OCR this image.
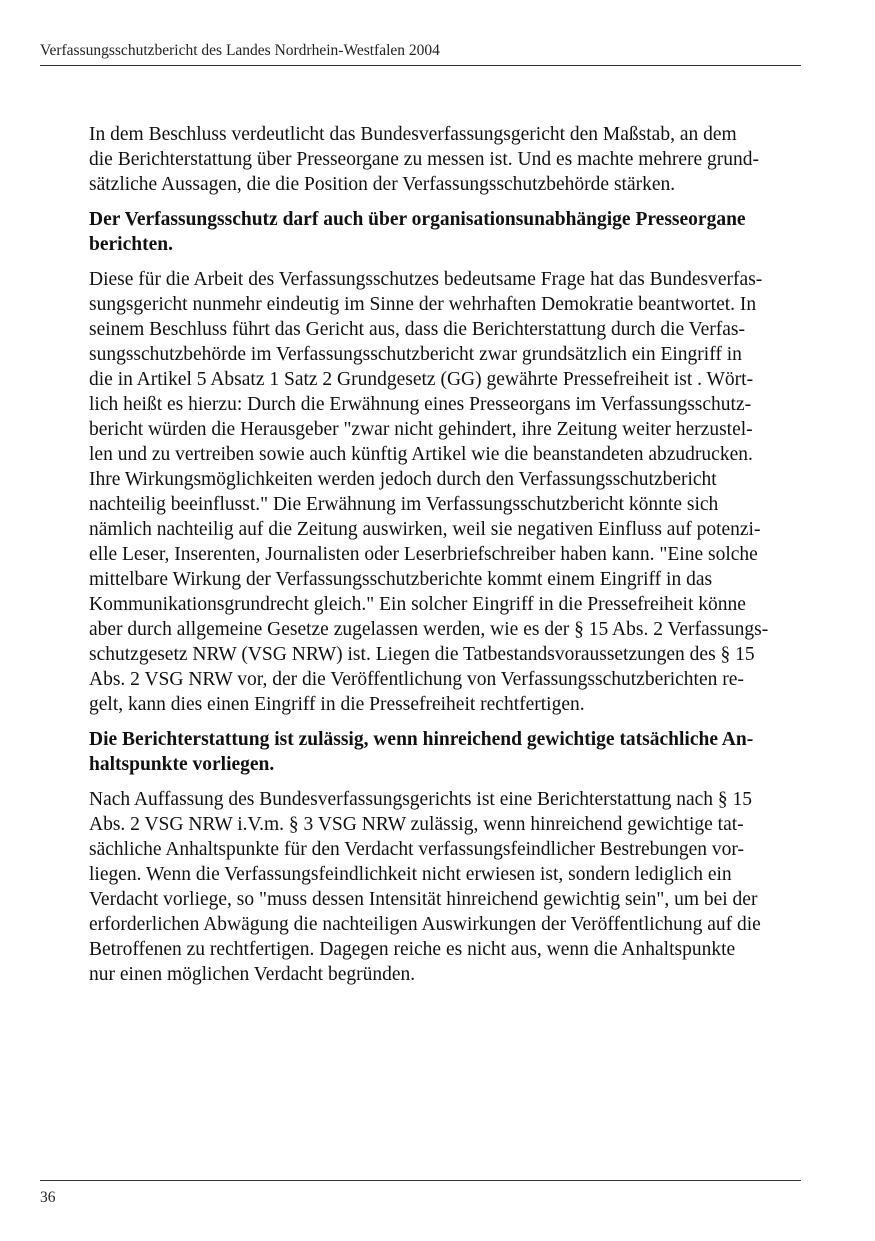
Verfassungsschutzbericht des Landes Nordrhein-Westfalen 2004

In dem Beschluss verdeutlicht das Bundesverfassungsgericht den Maßstab, an dem
die Berichterstattung über Presseorgane zu messen ist. Und es machte mehrere grund-
sätzliche Aussagen, die die Position der Verfassungsschutzbehörde stärken.

Der Verfassungsschutz darf auch über organisationsunabhängige Presseorgane
berichten.

Diese für die Arbeit des Verfassungsschutzes bedeutsame Frage hat das Bundesverfas-
sungsgericht nunmehr eindeutig im Sinne der wehrhaften Demokratie beantwortet. In
seinem Beschluss führt das Gericht aus, dass die Berichterstattung durch die Verfas-
sungsschutzbehörde im Verfassungsschutzbericht zwar grundsätzlich ein Eingriff in
die in Artikel 5 Absatz 1 Satz 2 Grundgesetz (GG) gewährte Pressefreiheit ist . Wört-
lich heißt es hierzu: Durch die Erwähnung eines Presseorgans im Verfassungsschutz-
bericht würden die Herausgeber "zwar nicht gehindert, ihre Zeitung weiter herzustel-
len und zu vertreiben sowie auch künftig Artikel wie die beanstandeten abzudrucken.
Ihre Wirkungsmöglichkeiten werden jedoch durch den Verfassungsschutzbericht
nachteilig beeinflusst." Die Erwähnung im Verfassungsschutzbericht könnte sich
nämlich nachteilig auf die Zeitung auswirken, weil sie negativen Einfluss auf potenzi-
elle Leser, Inserenten, Journalisten oder Leserbriefschreiber haben kann. "Eine solche
mittelbare Wirkung der Verfassungsschutzberichte kommt einem Eingriff in das
Kommunikationsgrundrecht gleich." Ein solcher Eingriff in die Pressefreiheit könne
aber durch allgemeine Gesetze zugelassen werden, wie es der § 15 Abs. 2 Verfassungs-
schutzgesetz NRW (VSG NRW) ist. Liegen die Tatbestandsvoraussetzungen des § 15
Abs. 2 VSG NRW vor, der die Veröffentlichung von Verfassungsschutzberichten re-
gelt, kann dies einen Eingriff in die Pressefreiheit rechtfertigen.

Die Berichterstattung ist zulässig, wenn hinreichend gewichtige tatsächliche An-
haltspunkte vorliegen.

Nach Auffassung des Bundesverfassungsgerichts ist eine Berichterstattung nach § 15
Abs. 2 VSG NRW i.V.m. § 3 VSG NRW zulässig, wenn hinreichend gewichtige tat-
sächliche Anhaltspunkte für den Verdacht verfassungsfeindlicher Bestrebungen vor-
liegen. Wenn die Verfassungsfeindlichkeit nicht erwiesen ist, sondern lediglich ein
Verdacht vorliege, so "muss dessen Intensität hinreichend gewichtig sein", um bei der
erforderlichen Abwägung die nachteiligen Auswirkungen der Veröffentlichung auf die
Betroffenen zu rechtfertigen. Dagegen reiche es nicht aus, wenn die Anhaltspunkte
nur einen möglichen Verdacht begründen.

36
